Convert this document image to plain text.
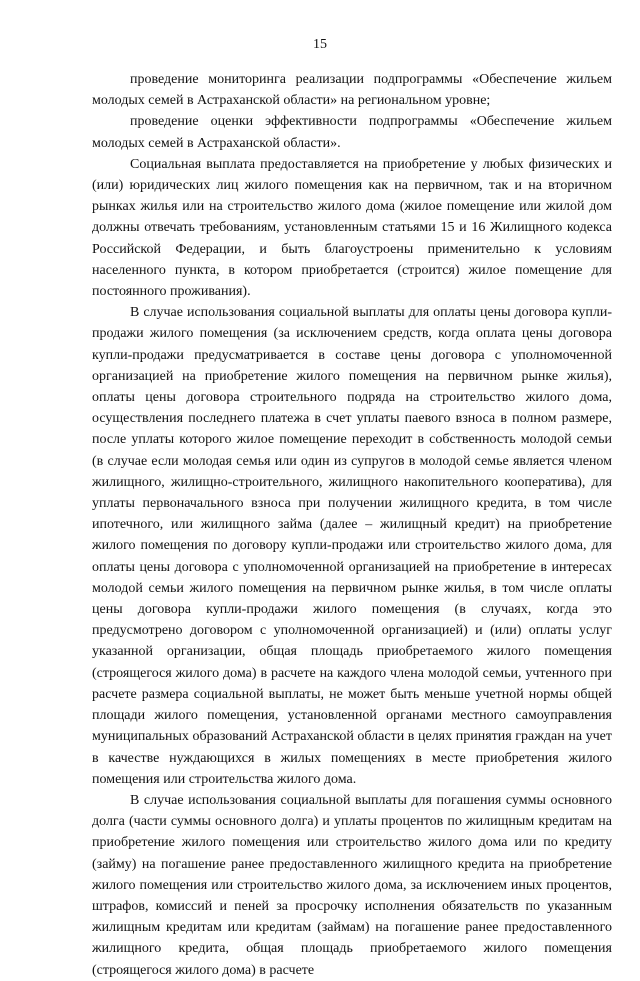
15

проведение мониторинга реализации подпрограммы «Обеспечение жильем молодых семей в Астраханской области» на региональном уровне;

проведение оценки эффективности подпрограммы «Обеспечение жильем молодых семей в Астраханской области».

Социальная выплата предоставляется на приобретение у любых физических и (или) юридических лиц жилого помещения как на первичном, так и на вторичном рынках жилья или на строительство жилого дома (жилое помещение или жилой дом должны отвечать требованиям, установленным статьями 15 и 16 Жилищного кодекса Российской Федерации, и быть благоустроены применительно к условиям населенного пункта, в котором приобретается (строится) жилое помещение для постоянного проживания).

В случае использования социальной выплаты для оплаты цены договора купли-продажи жилого помещения (за исключением средств, когда оплата цены договора купли-продажи предусматривается в составе цены договора с уполномоченной организацией на приобретение жилого помещения на первичном рынке жилья), оплаты цены договора строительного подряда на строительство жилого дома, осуществления последнего платежа в счет уплаты паевого взноса в полном размере, после уплаты которого жилое помещение переходит в собственность молодой семьи (в случае если молодая семья или один из супругов в молодой семье является членом жилищного, жилищно-строительного, жилищного накопительного кооператива), для уплаты первоначального взноса при получении жилищного кредита, в том числе ипотечного, или жилищного займа (далее – жилищный кредит) на приобретение жилого помещения по договору купли-продажи или строительство жилого дома, для оплаты цены договора с уполномоченной организацией на приобретение в интересах молодой семьи жилого помещения на первичном рынке жилья, в том числе оплаты цены договора купли-продажи жилого помещения (в случаях, когда это предусмотрено договором с уполномоченной организацией) и (или) оплаты услуг указанной организации, общая площадь приобретаемого жилого помещения (строящегося жилого дома) в расчете на каждого члена молодой семьи, учтенного при расчете размера социальной выплаты, не может быть меньше учетной нормы общей площади жилого помещения, установленной органами местного самоуправления муниципальных образований Астраханской области в целях принятия граждан на учет в качестве нуждающихся в жилых помещениях в месте приобретения жилого помещения или строительства жилого дома.

В случае использования социальной выплаты для погашения суммы основного долга (части суммы основного долга) и уплаты процентов по жилищным кредитам на приобретение жилого помещения или строительство жилого дома или по кредиту (займу) на погашение ранее предоставленного жилищного кредита на приобретение жилого помещения или строительство жилого дома, за исключением иных процентов, штрафов, комиссий и пеней за просрочку исполнения обязательств по указанным жилищным кредитам или кредитам (займам) на погашение ранее предоставленного жилищного кредита, общая площадь приобретаемого жилого помещения (строящегося жилого дома) в расчете
